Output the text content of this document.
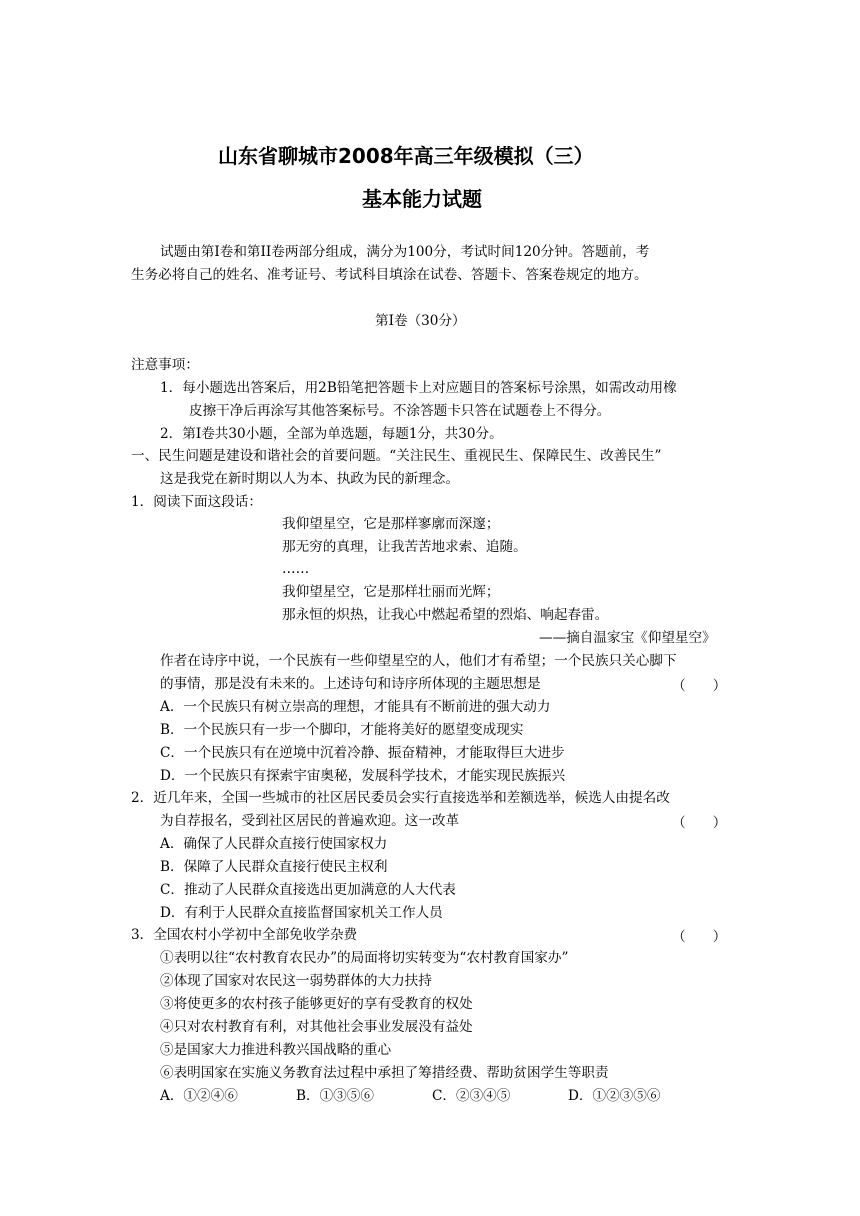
山东省聊城市2008年高三年级模拟（三）
基本能力试题
试题由第Ⅰ卷和第II卷两部分组成，满分为100分，考试时间120分钟。答题前，考
生务必将自己的姓名、准考证号、考试科目填涂在试卷、答题卡、答案卷规定的地方。
第Ⅰ卷（30分）
注意事项：
1．每小题选出答案后，用2B铅笔把答题卡上对应题目的答案标号涂黑，如需改动用橡
皮擦干净后再涂写其他答案标号。不涂答题卡只答在试题卷上不得分。
2．第Ⅰ卷共30小题，全部为单选题，每题1分，共30分。
一、民生问题是建设和谐社会的首要问题。“关注民生、重视民生、保障民生、改善民生”
这是我党在新时期以人为本、执政为民的新理念。
1．阅读下面这段话：
我仰望星空，它是那样寥廓而深邃；
那无穷的真理，让我苦苦地求索、追随。
……
我仰望星空，它是那样壮丽而光辉；
那永恒的炽热，让我心中燃起希望的烈焰、响起春雷。
——摘自温家宝《仰望星空》
作者在诗序中说，一个民族有一些仰望星空的人，他们才有希望；一个民族只关心脚下
的事情，那是没有未来的。上述诗句和诗序所体现的主题思想是	（　　）
A．一个民族只有树立崇高的理想，才能具有不断前进的强大动力
B．一个民族只有一步一个脚印，才能将美好的愿望变成现实
C．一个民族只有在逆境中沉着冷静、振奋精神，才能取得巨大进步
D．一个民族只有探索宇宙奥秘，发展科学技术，才能实现民族振兴
2．近几年来，全国一些城市的社区居民委员会实行直接选举和差额选举，候选人由提名改
为自荐报名，受到社区居民的普遍欢迎。这一改革	（　　）
A．确保了人民群众直接行使国家权力
B．保障了人民群众直接行使民主权利
C．推动了人民群众直接选出更加满意的人大代表
D．有利于人民群众直接监督国家机关工作人员
3．全国农村小学初中全部免收学杂费	（　　）
①表明以往“农村教育农民办”的局面将切实转变为“农村教育国家办”
②体现了国家对农民这一弱势群体的大力扶持
③将使更多的农村孩子能够更好的享有受教育的权处
④只对农村教育有利，对其他社会事业发展没有益处
⑤是国家大力推进科教兴国战略的重心
⑥表明国家在实施义务教育法过程中承担了筹措经费、帮助贫困学生等职责
A．①②④⑥	B．①③⑤⑥	C．②③④⑤	D．①②③⑤⑥
